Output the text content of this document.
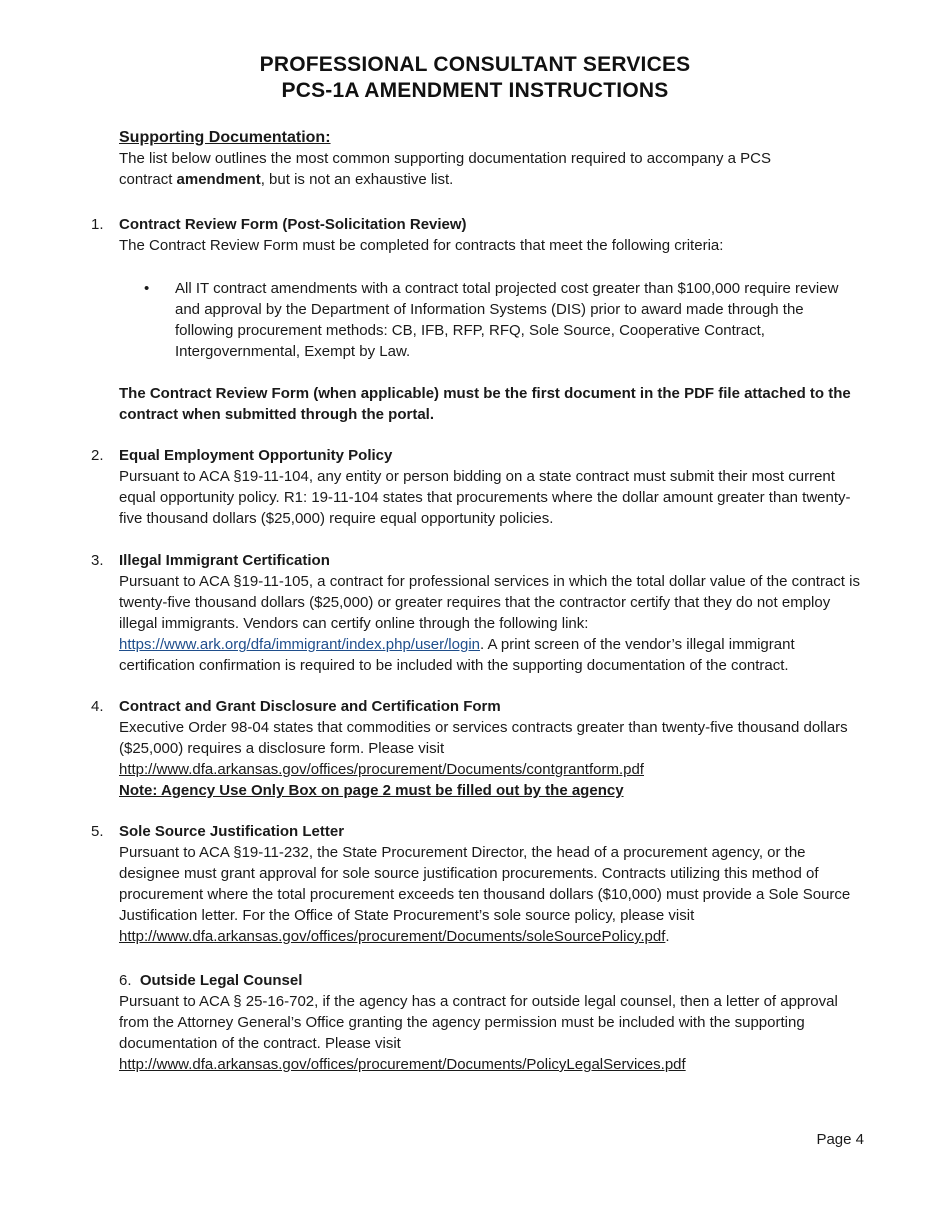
PROFESSIONAL CONSULTANT SERVICES
PCS-1A AMENDMENT INSTRUCTIONS
Supporting Documentation:
The list below outlines the most common supporting documentation required to accompany a PCS contract amendment, but is not an exhaustive list.
1. Contract Review Form (Post-Solicitation Review)
The Contract Review Form must be completed for contracts that meet the following criteria:
• All IT contract amendments with a contract total projected cost greater than $100,000 require review and approval by the Department of Information Systems (DIS) prior to award made through the following procurement methods: CB, IFB, RFP, RFQ, Sole Source, Cooperative Contract, Intergovernmental, Exempt by Law.
The Contract Review Form (when applicable) must be the first document in the PDF file attached to the contract when submitted through the portal.
2. Equal Employment Opportunity Policy
Pursuant to ACA §19-11-104, any entity or person bidding on a state contract must submit their most current equal opportunity policy. R1: 19-11-104 states that procurements where the dollar amount greater than twenty-five thousand dollars ($25,000) require equal opportunity policies.
3. Illegal Immigrant Certification
Pursuant to ACA §19-11-105, a contract for professional services in which the total dollar value of the contract is twenty-five thousand dollars ($25,000) or greater requires that the contractor certify that they do not employ illegal immigrants. Vendors can certify online through the following link: https://www.ark.org/dfa/immigrant/index.php/user/login. A print screen of the vendor’s illegal immigrant certification confirmation is required to be included with the supporting documentation of the contract.
4. Contract and Grant Disclosure and Certification Form
Executive Order 98-04 states that commodities or services contracts greater than twenty-five thousand dollars ($25,000) requires a disclosure form. Please visit
http://www.dfa.arkansas.gov/offices/procurement/Documents/contgrantform.pdf
Note: Agency Use Only Box on page 2 must be filled out by the agency
5. Sole Source Justification Letter
Pursuant to ACA §19-11-232, the State Procurement Director, the head of a procurement agency, or the designee must grant approval for sole source justification procurements. Contracts utilizing this method of procurement where the total procurement exceeds ten thousand dollars ($10,000) must provide a Sole Source Justification letter. For the Office of State Procurement’s sole source policy, please visit
http://www.dfa.arkansas.gov/offices/procurement/Documents/soleSourcePolicy.pdf.
6. Outside Legal Counsel
Pursuant to ACA § 25-16-702, if the agency has a contract for outside legal counsel, then a letter of approval from the Attorney General’s Office granting the agency permission must be included with the supporting documentation of the contract. Please visit
http://www.dfa.arkansas.gov/offices/procurement/Documents/PolicyLegalServices.pdf
Page 4
